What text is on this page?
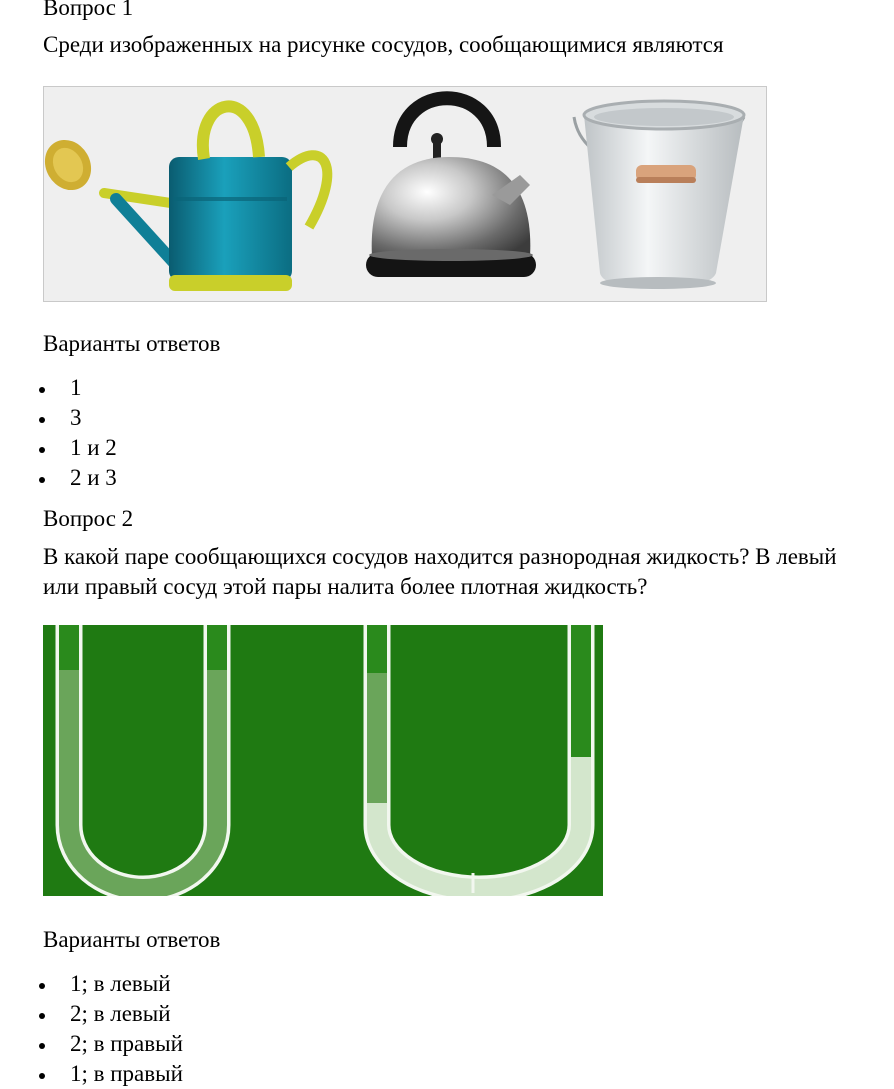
Вопрос 1
Среди изображенных на рисунке сосудов, сообщающимися являются
Варианты ответов
1
3
1 и 2
2 и 3
Вопрос 2
В какой паре сообщающихся сосудов находится разнородная жидкость? В левый или правый сосуд этой пары налита более плотная жидкость?
Варианты ответов
1; в левый
2; в левый
2; в правый
1; в правый
